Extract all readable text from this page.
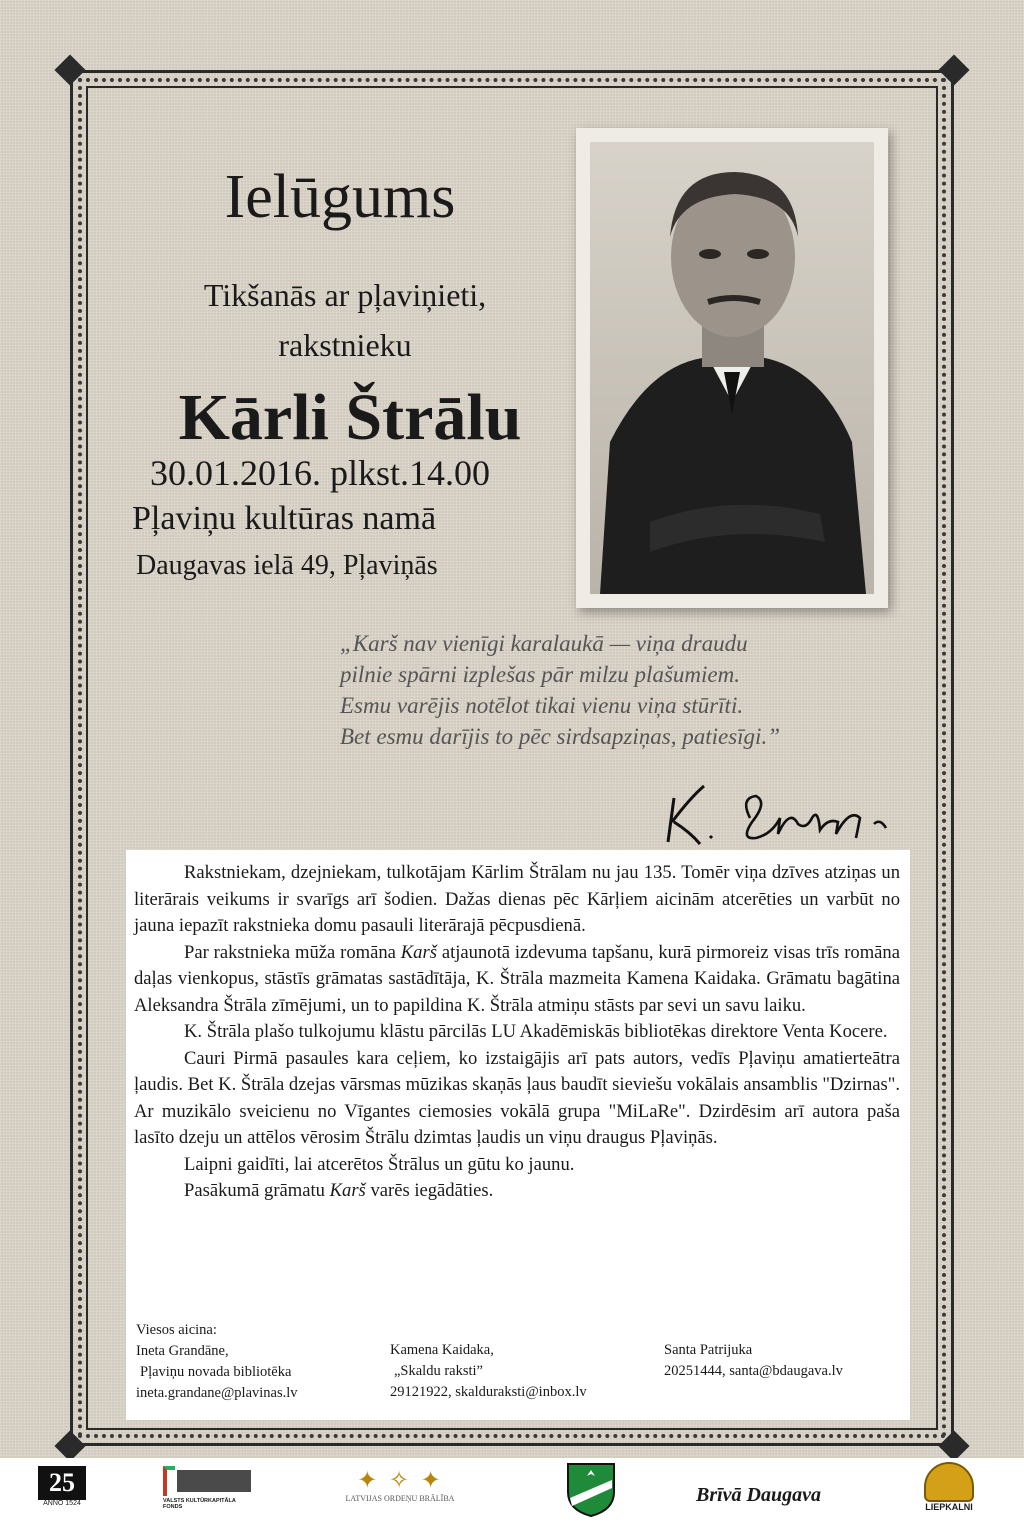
Ielūgums
Tikšanās ar pļaviņieti,
rakstnieku
Kārli Štrālu
30.01.2016. plkst.14.00
Pļaviņu kultūras namā
Daugavas ielā 49, Pļaviņās
„Karš nav vienīgi karalaukā — viņa draudu
pilnie spārni izplešas pār milzu plašumiem.
Esmu varējis notēlot tikai vienu viņa stūrīti.
Bet esmu darījis to pēc sirdsapziņas, patiesīgi.”

Rakstniekam, dzejniekam, tulkotājam Kārlim Štrālam nu jau 135. Tomēr viņa dzīves atziņas un literārais veikums ir svarīgs arī šodien. Dažas dienas pēc Kārļiem aicinām atcerēties un varbūt no jauna iepazīt rakstnieka domu pasauli literārajā pēcpusdienā.

Par rakstnieka mūža romāna Karš atjaunotā izdevuma tapšanu, kurā pirmoreiz visas trīs romāna daļas vienkopus, stāstīs grāmatas sastādītāja, K. Štrāla mazmeita Kamena Kaidaka. Grāmatu bagātina Aleksandra Štrāla zīmējumi, un to papildina K. Štrāla atmiņu stāsts par sevi un savu laiku.

K. Štrāla plašo tulkojumu klāstu pārcilās LU Akadēmiskās bibliotēkas direktore Venta Kocere.

Cauri Pirmā pasaules kara ceļiem, ko izstaigājis arī pats autors, vedīs Pļaviņu amatierteātra ļaudis. Bet K. Štrāla dzejas vārsmas mūzikas skaņās ļaus baudīt sieviešu vokālais ansamblis "Dzirnas". Ar muzikālo sveicienu no Vīgantes ciemosies vokālā grupa "MiLaRe". Dzirdēsim arī autora paša lasīto dzeju un attēlos vērosim Štrālu dzimtas ļaudis un viņu draugus Pļaviņās.

Laipni gaidīti, lai atcerētos Štrālus un gūtu ko jaunu.

Pasākumā grāmatu Karš varēs iegādāties.

Viesos aicina:
Ineta Grandāne,
Pļaviņu novada bibliotēka
ineta.grandane@plavinas.lv
Kamena Kaidaka,
„Skaldu raksti”
29121922, skalduraksti@inbox.lv
Santa Patrijuka
20251444, santa@bdaugava.lv
25
ANNO 1524	VALSTS KULTŪRKAPITĀLA FONDS
✦ ✧ ✦
LATVIJAS ORDEŅU BRĀLĪBA	Brīvā Daugava
LIEPKALNI
